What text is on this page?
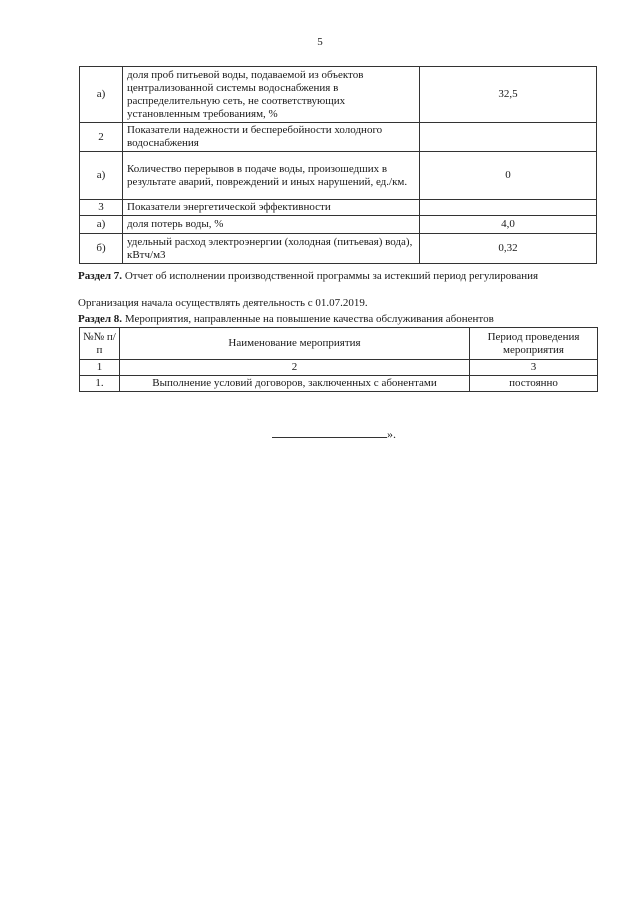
5
а)	доля проб питьевой воды, подаваемой из объектов централизованной системы водоснабжения в распределительную сеть, не соответствующих установленным требованиям, %	32,5
2	Показатели надежности и бесперебойности холодного водоснабжения	
а)	Количество перерывов в подаче воды, произошедших в результате аварий, повреждений и иных нарушений, ед./км.	0
3	Показатели энергетической эффективности	
а)	доля потерь воды, %	4,0
б)	удельный расход электроэнергии (холодная (питьевая) вода), кВтч/м3	0,32
Раздел 7. Отчет об исполнении производственной программы за истекший период регулирования
Организация начала осуществлять деятельность с 01.07.2019.
Раздел 8. Мероприятия, направленные на повышение качества обслуживания абонентов
№№ п/п	Наименование мероприятия	Период проведения мероприятия
1	2	3
1.	Выполнение условий договоров, заключенных с абонентами	постоянно
».
